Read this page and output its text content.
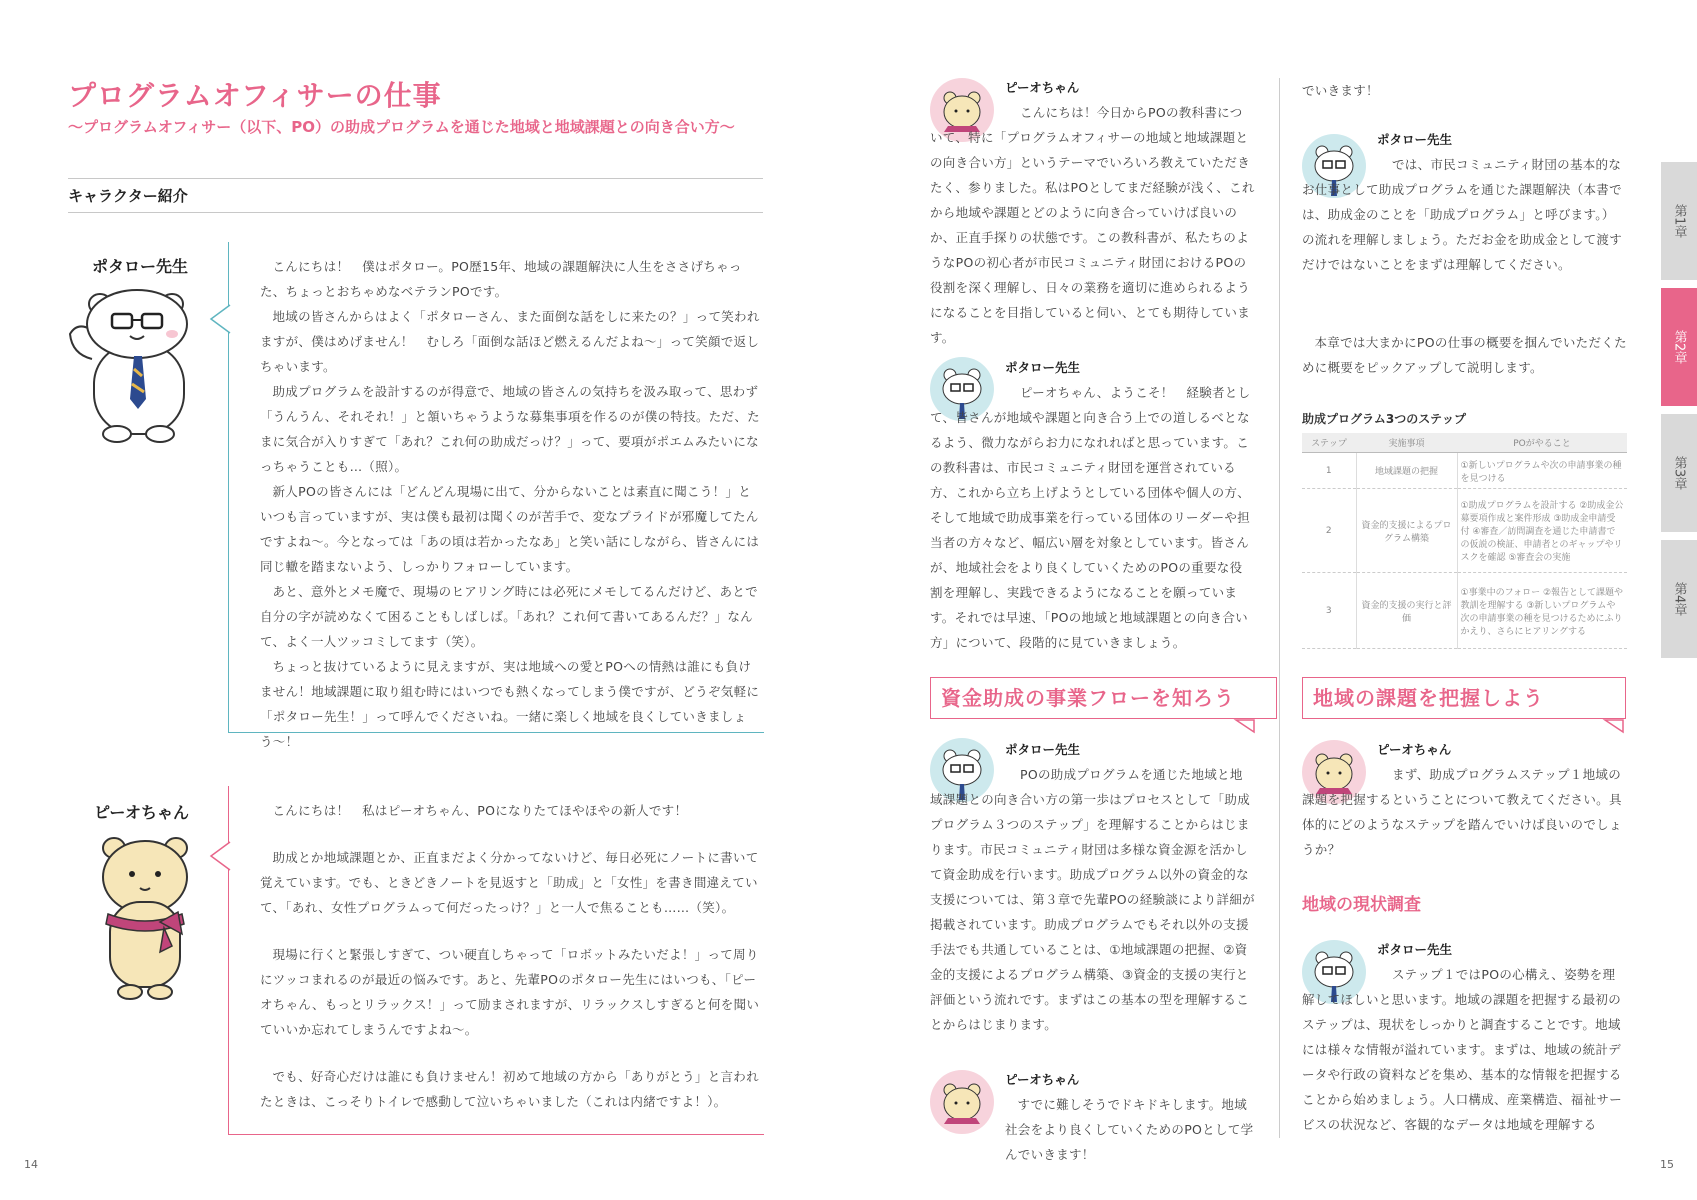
プログラムオフィサーの仕事
〜プログラムオフィサー（以下、PO）の助成プログラムを通じた地域と地域課題との向き合い方〜
キャラクター紹介
ポタロー先生	こんにちは！　僕はポタロー。PO歴15年、地域の課題解決に人生をささげちゃった、ちょっとおちゃめなベテランPOです。
地域の皆さんからはよく「ポタローさん、また面倒な話をしに来たの？」って笑われますが、僕はめげません！　むしろ「面倒な話ほど燃えるんだよね〜」って笑顔で返しちゃいます。
助成プログラムを設計するのが得意で、地域の皆さんの気持ちを汲み取って、思わず「うんうん、それそれ！」と頷いちゃうような募集事項を作るのが僕の特技。ただ、たまに気合が入りすぎて「あれ？これ何の助成だっけ？」って、要項がポエムみたいになっちゃうことも…（照）。
新人POの皆さんには「どんどん現場に出て、分からないことは素直に聞こう！」といつも言っていますが、実は僕も最初は聞くのが苦手で、変なプライドが邪魔してたんですよね〜。今となっては「あの頃は若かったなあ」と笑い話にしながら、皆さんには同じ轍を踏まないよう、しっかりフォローしています。
あと、意外とメモ魔で、現場のヒアリング時には必死にメモしてるんだけど、あとで自分の字が読めなくて困ることもしばしば。「あれ？これ何て書いてあるんだ？」なんて、よく一人ツッコミしてます（笑）。
ちょっと抜けているように見えますが、実は地域への愛とPOへの情熱は誰にも負けません！地域課題に取り組む時にはいつでも熱くなってしまう僕ですが、どうぞ気軽に「ポタロー先生！」って呼んでくださいね。一緒に楽しく地域を良くしていきましょう〜！
ピーオちゃん	こんにちは！　私はピーオちゃん、POになりたてほやほやの新人です！
助成とか地域課題とか、正直まだよく分かってないけど、毎日必死にノートに書いて覚えています。でも、ときどきノートを見返すと「助成」と「女性」を書き間違えていて、「あれ、女性プログラムって何だったっけ？」と一人で焦ることも……（笑）。
現場に行くと緊張しすぎて、つい硬直しちゃって「ロボットみたいだよ！」って周りにツッコまれるのが最近の悩みです。あと、先輩POのポタロー先生にはいつも、「ピーオちゃん、もっとリラックス！」って励まされますが、リラックスしすぎると何を聞いていいか忘れてしまうんですよね〜。
でも、好奇心だけは誰にも負けません！初めて地域の方から「ありがとう」と言われたときは、こっそりトイレで感動して泣いちゃいました（これは内緒ですよ！）。
14
ピーオちゃん
こんにちは！今日からPOの教科書について、特に「プログラムオフィサーの地域と地域課題との向き合い方」というテーマでいろいろ教えていただきたく、参りました。私はPOとしてまだ経験が浅く、これから地域や課題とどのように向き合っていけば良いのか、正直手探りの状態です。この教科書が、私たちのようなPOの初心者が市民コミュニティ財団におけるPOの役割を深く理解し、日々の業務を適切に進められるようになることを目指していると伺い、とても期待しています。
ポタロー先生
ピーオちゃん、ようこそ！　経験者として、皆さんが地域や課題と向き合う上での道しるべとなるよう、微力ながらお力になれればと思っています。この教科書は、市民コミュニティ財団を運営されている方、これから立ち上げようとしている団体や個人の方、そして地域で助成事業を行っている団体のリーダーや担当者の方々など、幅広い層を対象としています。皆さんが、地域社会をより良くしていくためのPOの重要な役割を理解し、実践できるようになることを願っています。それでは早速、「POの地域と地域課題との向き合い方」について、段階的に見ていきましょう。
資金助成の事業フローを知ろう
ポタロー先生
POの助成プログラムを通じた地域と地域課題との向き合い方の第一歩はプロセスとして「助成プログラム３つのステップ」を理解することからはじまります。市民コミュニティ財団は多様な資金源を活かして資金助成を行います。助成プログラム以外の資金的な支援については、第３章で先輩POの経験談により詳細が掲載されています。助成プログラムでもそれ以外の支援手法でも共通していることは、①地域課題の把握、②資金的支援によるプログラム構築、③資金的支援の実行と評価という流れです。まずはこの基本の型を理解することからはじまります。
ピーオちゃん
すでに難しそうでドキドキします。地域社会をより良くしていくためのPOとして学んでいきます！
でいきます！
ポタロー先生
では、市民コミュニティ財団の基本的なお仕事として助成プログラムを通じた課題解決（本書では、助成金のことを「助成プログラム」と呼びます。）の流れを理解しましょう。ただお金を助成金として渡すだけではないことをまずは理解してください。
本章では大まかにPOの仕事の概要を掴んでいただくために概要をピックアップして説明します。
助成プログラム3つのステップ
ステップ	実施事項	POがやること
1	地域課題の把握	①新しいプログラムや次の申請事業の種を見つける
2	資金的支援によるプログラム構築	①助成プログラムを設計する ②助成金公募要項作成と案件形成 ③助成金申請受付 ④審査／訪問調査を通じた申請書での仮説の検証、申請者とのギャップやリスクを確認 ⑤審査会の実施
3	資金的支援の実行と評価	①事業中のフォロー ②報告として課題や教訓を理解する ③新しいプログラムや次の申請事業の種を見つけるためにふりかえり、さらにヒアリングする
地域の課題を把握しよう
ピーオちゃん
まず、助成プログラムステップ１地域の課題を把握するということについて教えてください。具体的にどのようなステップを踏んでいけば良いのでしょうか？
地域の現状調査
ポタロー先生
ステップ１ではPOの心構え、姿勢を理解してほしいと思います。地域の課題を把握する最初のステップは、現状をしっかりと調査することです。地域には様々な情報が溢れています。まずは、地域の統計データや行政の資料などを集め、基本的な情報を把握することから始めましょう。人口構成、産業構造、福祉サービスの状況など、客観的なデータは地域を理解する
第1章
第2章
第3章
第4章
15
